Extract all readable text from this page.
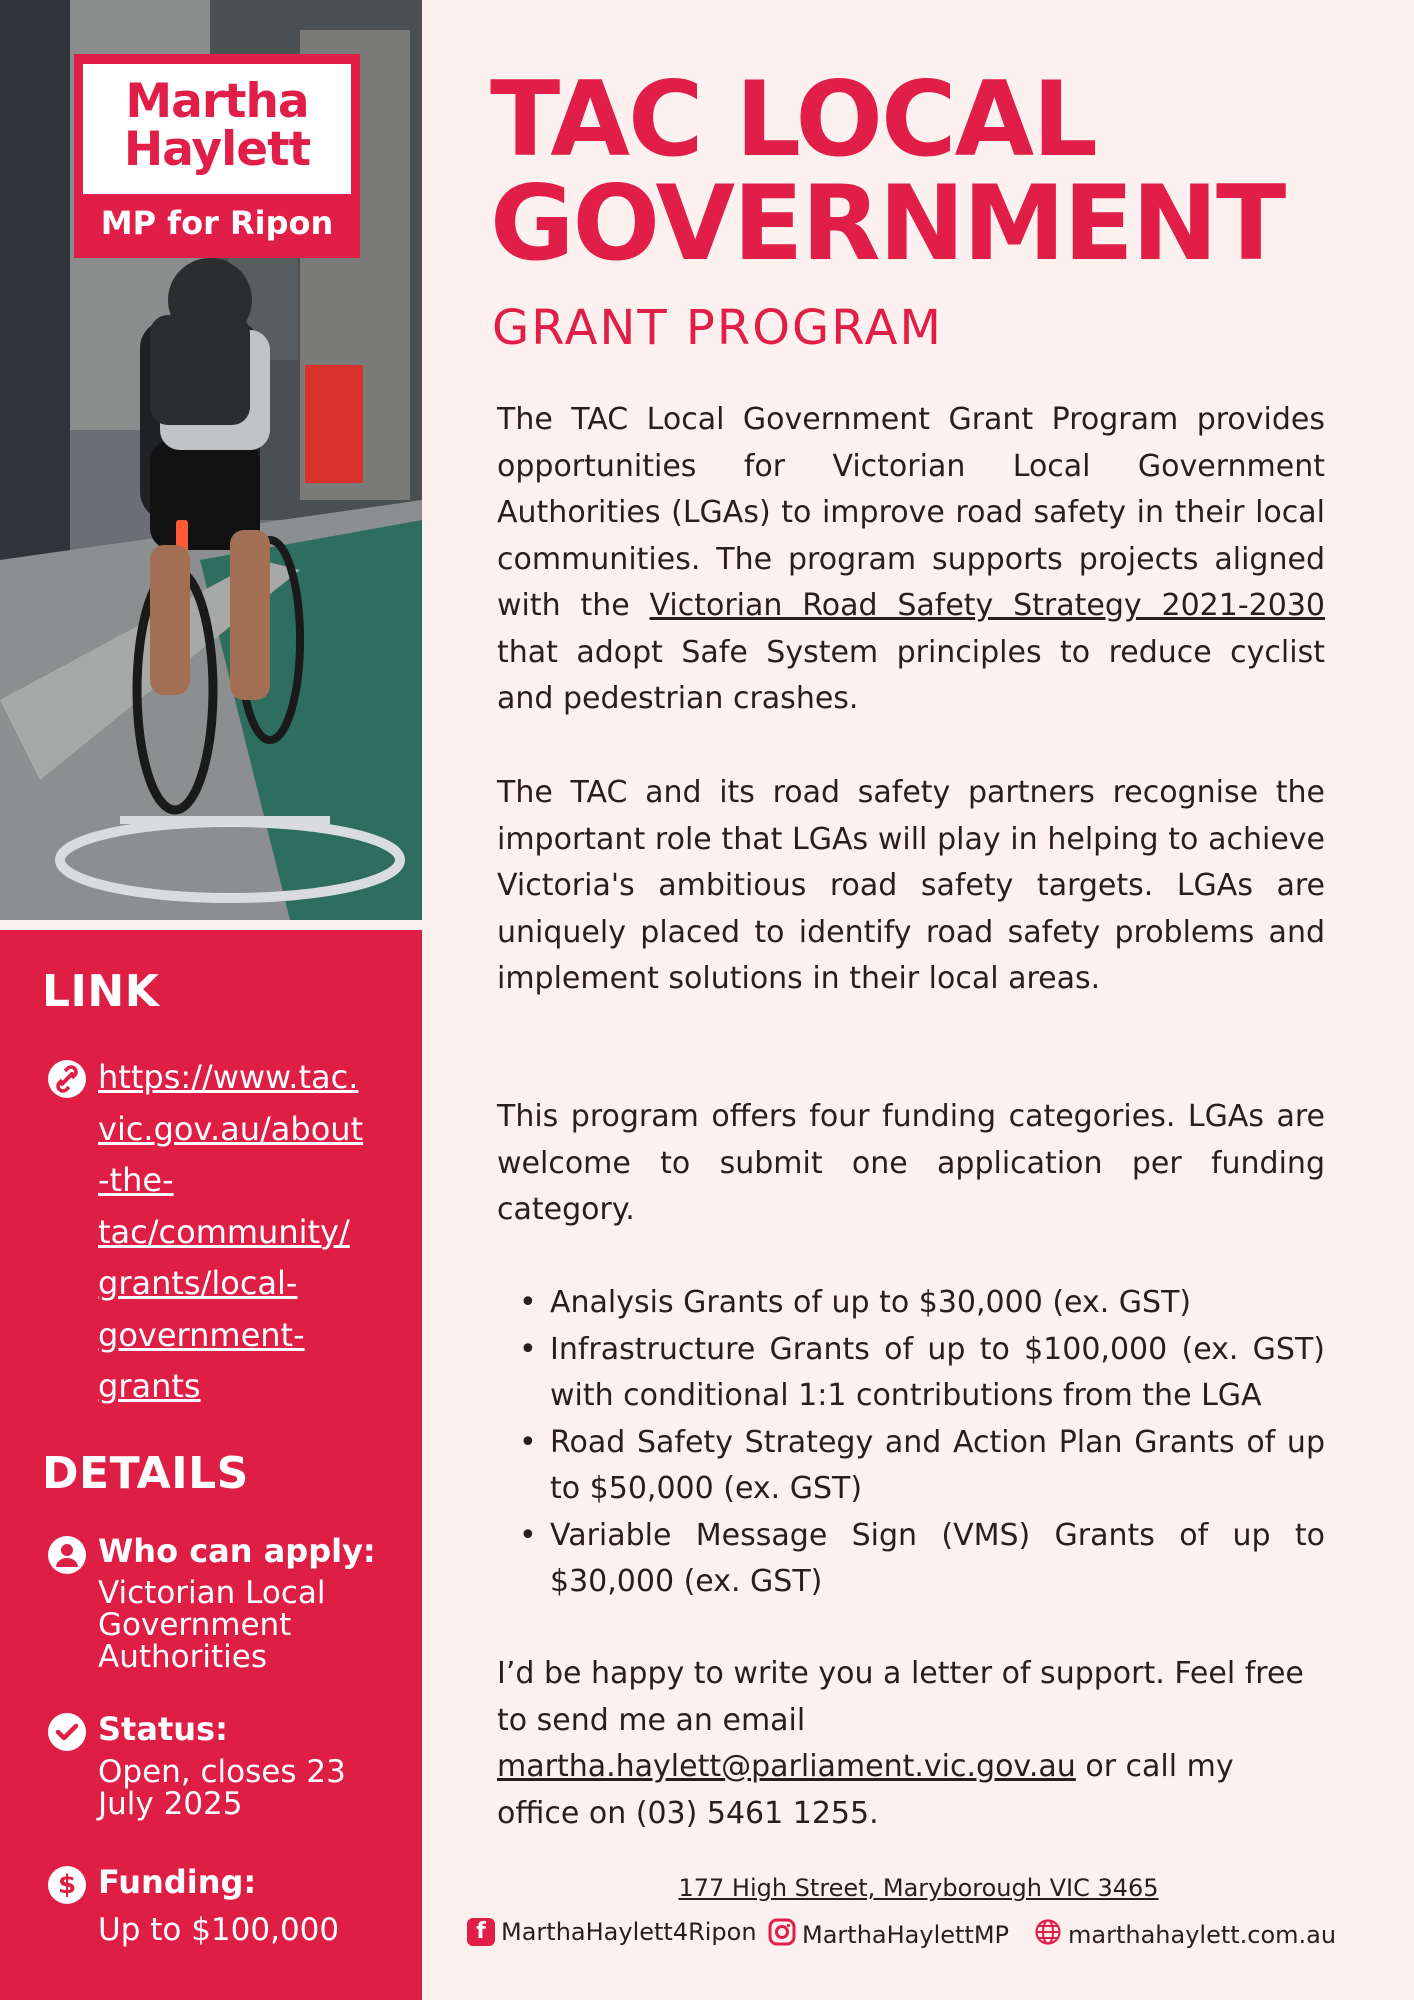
Martha
Haylett
MP for Ripon
LINK
https://www.tac.
vic.gov.au/about
-the-
tac/community/
grants/local-
government-
grants
DETAILS
Who can apply:
Victorian Local
Government
Authorities
Status:
Open, closes 23
July 2025
$ Funding:
Up to $100,000
TAC LOCAL
GOVERNMENT
GRANT PROGRAM
The TAC Local Government Grant Program provides opportunities for Victorian Local Government Authorities (LGAs) to improve road safety in their local communities. The program supports projects aligned with the Victorian Road Safety Strategy 2021-2030 that adopt Safe System principles to reduce cyclist and pedestrian crashes.
The TAC and its road safety partners recognise the important role that LGAs will play in helping to achieve Victoria's ambitious road safety targets. LGAs are uniquely placed to identify road safety problems and implement solutions in their local areas.
This program offers four funding categories. LGAs are welcome to submit one application per funding category.
• Analysis Grants of up to $30,000 (ex. GST)
• Infrastructure Grants of up to $100,000 (ex. GST) with conditional 1:1 contributions from the LGA
• Road Safety Strategy and Action Plan Grants of up to $50,000 (ex. GST)
• Variable Message Sign (VMS) Grants of up to $30,000 (ex. GST)
I’d be happy to write you a letter of support. Feel free
to send me an email
martha.haylett@parliament.vic.gov.au or call my
office on (03) 5461 1255.
177 High Street, Maryborough VIC 3465
f MarthaHaylett4Ripon MarthaHaylettMP marthahaylett.com.au
